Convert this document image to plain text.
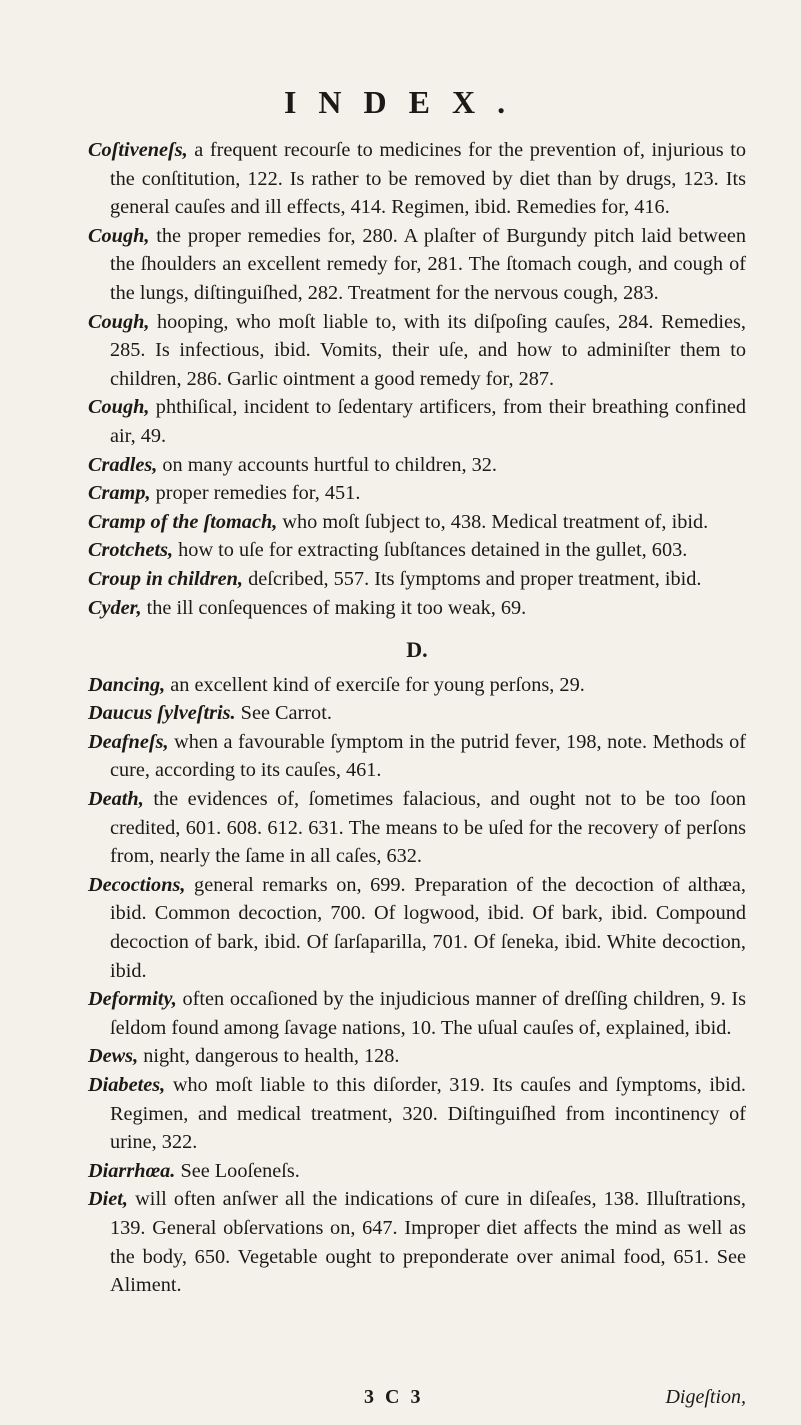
INDEX.

Coſtiveneſs, a frequent recourſe to medicines for the prevention of, injurious to the conſtitution, 122. Is rather to be removed by diet than by drugs, 123. Its general cauſes and ill effects, 414. Regimen, ibid. Remedies for, 416.

Cough, the proper remedies for, 280. A plaſter of Burgundy pitch laid between the ſhoulders an excellent remedy for, 281. The ſtomach cough, and cough of the lungs, diſtinguiſhed, 282. Treatment for the nervous cough, 283.

Cough, hooping, who moſt liable to, with its diſpoſing cauſes, 284. Remedies, 285. Is infectious, ibid. Vomits, their uſe, and how to adminiſter them to children, 286. Garlic ointment a good remedy for, 287.

Cough, phthiſical, incident to ſedentary artificers, from their breathing confined air, 49.

Cradles, on many accounts hurtful to children, 32.

Cramp, proper remedies for, 451.

Cramp of the ſtomach, who moſt ſubject to, 438. Medical treatment of, ibid.

Crotchets, how to uſe for extracting ſubſtances detained in the gullet, 603.

Croup in children, deſcribed, 557. Its ſymptoms and proper treatment, ibid.

Cyder, the ill conſequences of making it too weak, 69.

D.

Dancing, an excellent kind of exerciſe for young perſons, 29.

Daucus ſylveſtris. See Carrot.

Deafneſs, when a favourable ſymptom in the putrid fever, 198, note. Methods of cure, according to its cauſes, 461.

Death, the evidences of, ſometimes falacious, and ought not to be too ſoon credited, 601. 608. 612. 631. The means to be uſed for the recovery of perſons from, nearly the ſame in all caſes, 632.

Decoctions, general remarks on, 699. Preparation of the decoction of althæa, ibid. Common decoction, 700. Of logwood, ibid. Of bark, ibid. Compound decoction of bark, ibid. Of ſarſaparilla, 701. Of ſeneka, ibid. White decoction, ibid.

Deformity, often occaſioned by the injudicious manner of dreſſing children, 9. Is ſeldom found among ſavage nations, 10. The uſual cauſes of, explained, ibid.

Dews, night, dangerous to health, 128.

Diabetes, who moſt liable to this diſorder, 319. Its cauſes and ſymptoms, ibid. Regimen, and medical treatment, 320. Diſtinguiſhed from incontinency of urine, 322.

Diarrhœa. See Looſeneſs.

Diet, will often anſwer all the indications of cure in diſeaſes, 138. Illuſtrations, 139. General obſervations on, 647. Improper diet affects the mind as well as the body, 650. Vegetable ought to preponderate over animal food, 651. See Aliment.

3 C 3	Digeſtion,
